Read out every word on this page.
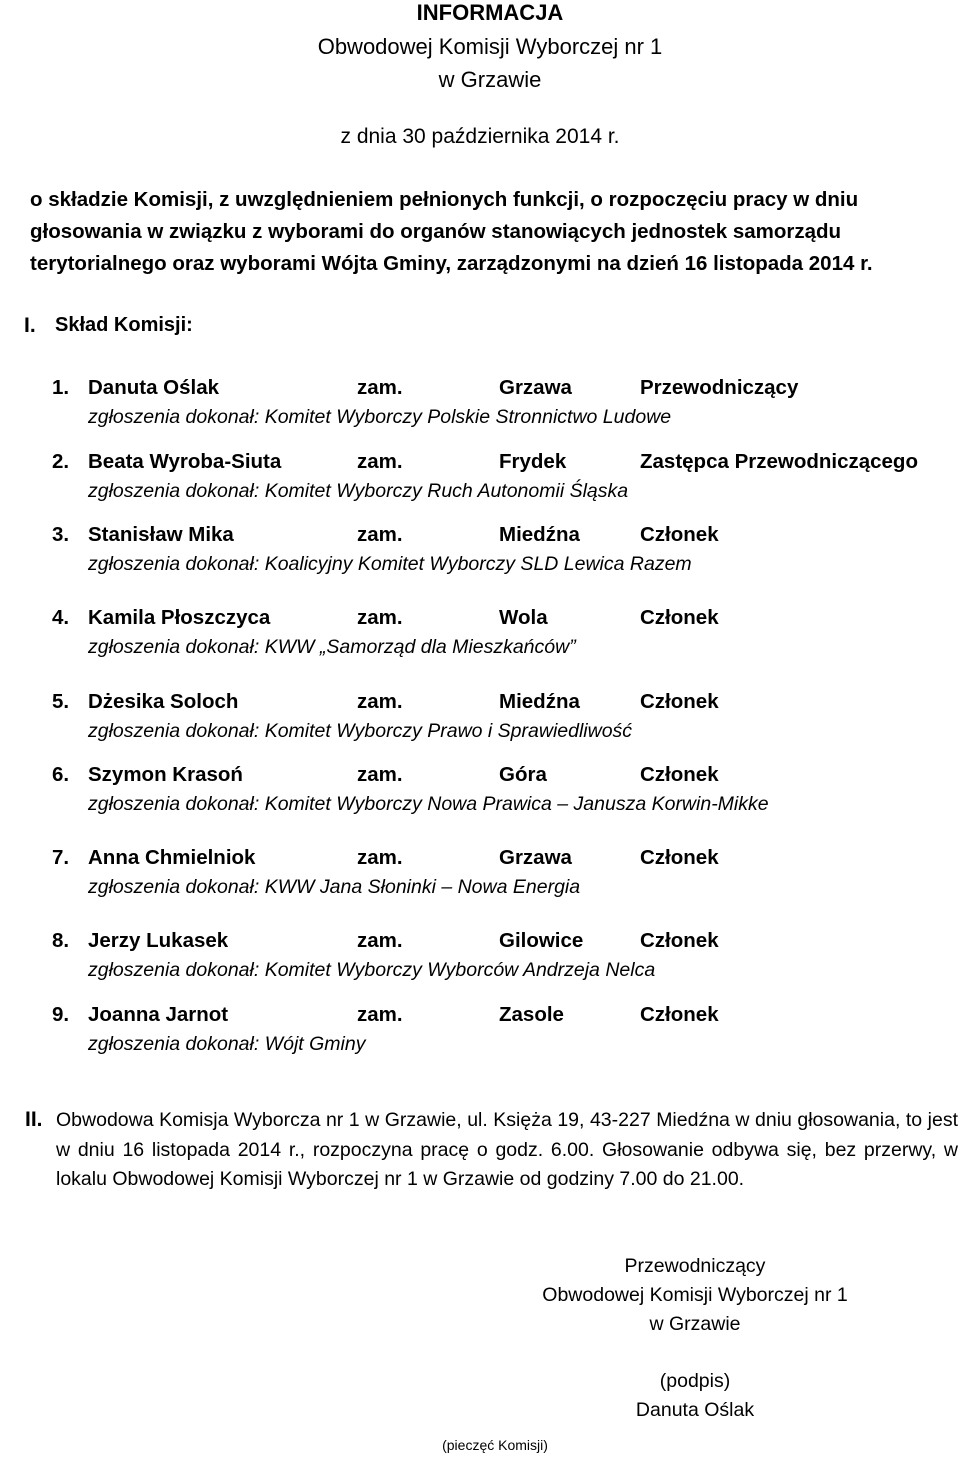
INFORMACJA
Obwodowej Komisji Wyborczej nr 1
w Grzawie
z dnia 30 października 2014 r.
o składzie Komisji, z uwzględnieniem pełnionych funkcji, o rozpoczęciu pracy w dniu głosowania w związku z wyborami do organów stanowiących jednostek samorządu terytorialnego oraz wyborami Wójta Gminy, zarządzonymi na dzień 16 listopada 2014 r.
I. Skład Komisji:
1. Danuta Oślak	zam.	Grzawa	Przewodniczący
zgłoszenia dokonał: Komitet Wyborczy Polskie Stronnictwo Ludowe
2. Beata Wyroba-Siuta	zam.	Frydek	Zastępca Przewodniczącego
zgłoszenia dokonał: Komitet Wyborczy Ruch Autonomii Śląska
3. Stanisław Mika	zam.	Miedźna	Członek
zgłoszenia dokonał: Koalicyjny Komitet Wyborczy SLD Lewica Razem
4. Kamila Płoszczyca	zam.	Wola	Członek
zgłoszenia dokonał: KWW „Samorząd dla Mieszkańców”
5. Dżesika Soloch	zam.	Miedźna	Członek
zgłoszenia dokonał: Komitet Wyborczy Prawo i Sprawiedliwość
6. Szymon Krasoń	zam.	Góra	Członek
zgłoszenia dokonał: Komitet Wyborczy Nowa Prawica – Janusza Korwin-Mikke
7. Anna Chmielniok	zam.	Grzawa	Członek
zgłoszenia dokonał: KWW Jana Słoninki – Nowa Energia
8. Jerzy Lukasek	zam.	Gilowice	Członek
zgłoszenia dokonał: Komitet Wyborczy Wyborców Andrzeja Nelca
9. Joanna Jarnot	zam.	Zasole	Członek
zgłoszenia dokonał: Wójt Gminy
II. Obwodowa Komisja Wyborcza nr 1 w Grzawie, ul. Księża 19, 43-227 Miedźna w dniu głosowania, to jest w dniu 16 listopada 2014 r., rozpoczyna pracę o godz. 6.00. Głosowanie odbywa się, bez przerwy, w lokalu Obwodowej Komisji Wyborczej nr 1 w Grzawie od godziny 7.00 do 21.00.
Przewodniczący
Obwodowej Komisji Wyborczej nr 1
w Grzawie
(podpis)
Danuta Oślak
(pieczęć Komisji)
